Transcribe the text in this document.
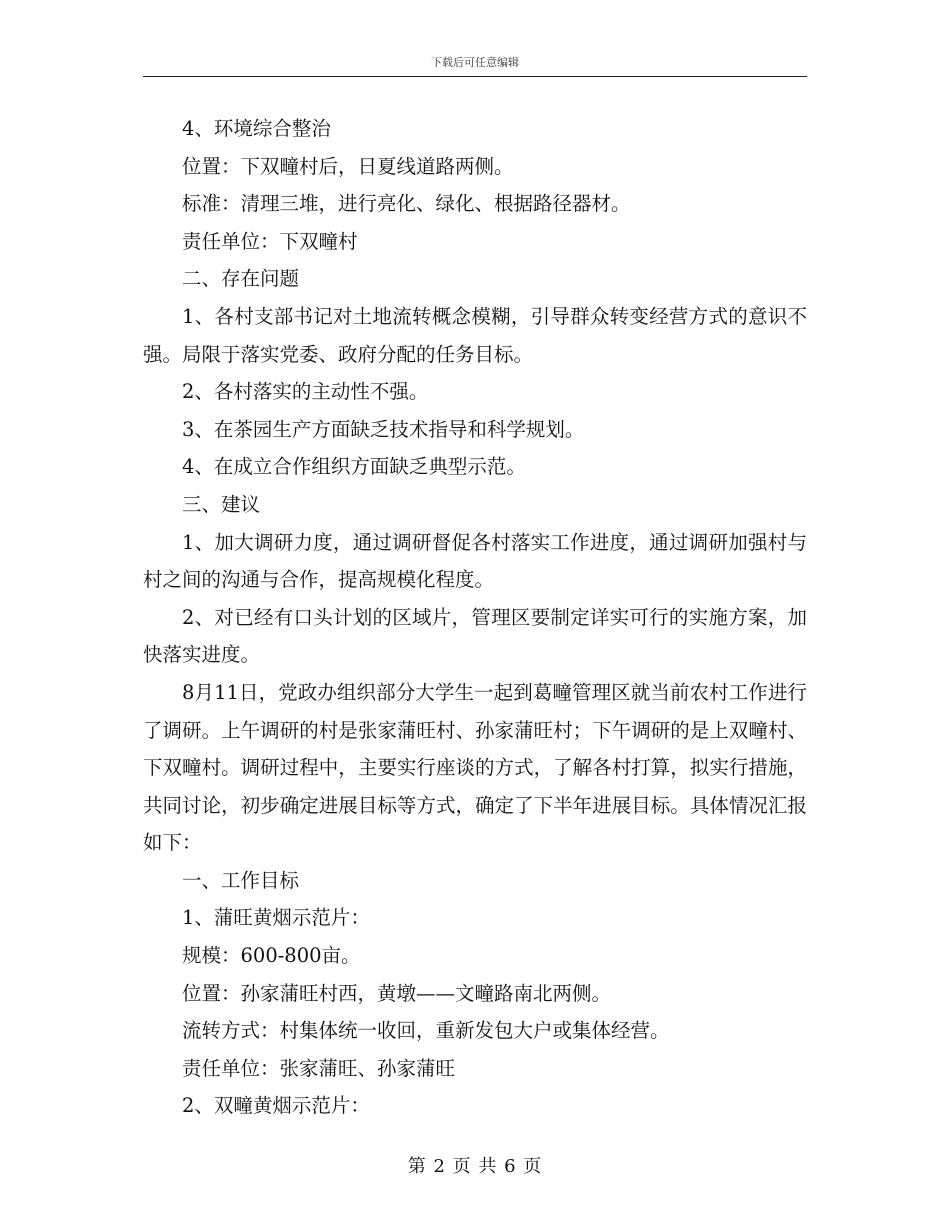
下载后可任意编辑

4、环境综合整治

位置：下双疃村后，日夏线道路两侧。

标准：清理三堆，进行亮化、绿化、根据路径器材。

责任单位：下双疃村

二、存在问题

1、各村支部书记对土地流转概念模糊，引导群众转变经营方式的意识不强。局限于落实党委、政府分配的任务目标。

2、各村落实的主动性不强。

3、在茶园生产方面缺乏技术指导和科学规划。

4、在成立合作组织方面缺乏典型示范。

三、建议

1、加大调研力度，通过调研督促各村落实工作进度，通过调研加强村与村之间的沟通与合作，提高规模化程度。

2、对已经有口头计划的区域片，管理区要制定详实可行的实施方案，加快落实进度。

8月11日，党政办组织部分大学生一起到葛疃管理区就当前农村工作进行了调研。上午调研的村是张家蒲旺村、孙家蒲旺村；下午调研的是上双疃村、下双疃村。调研过程中，主要实行座谈的方式，了解各村打算，拟实行措施，共同讨论，初步确定进展目标等方式，确定了下半年进展目标。具体情况汇报如下：

一、工作目标

1、蒲旺黄烟示范片：

规模：600-800亩。

位置：孙家蒲旺村西，黄墩——文疃路南北两侧。

流转方式：村集体统一收回，重新发包大户或集体经营。

责任单位：张家蒲旺、孙家蒲旺

2、双疃黄烟示范片：

第 2 页 共 6 页
